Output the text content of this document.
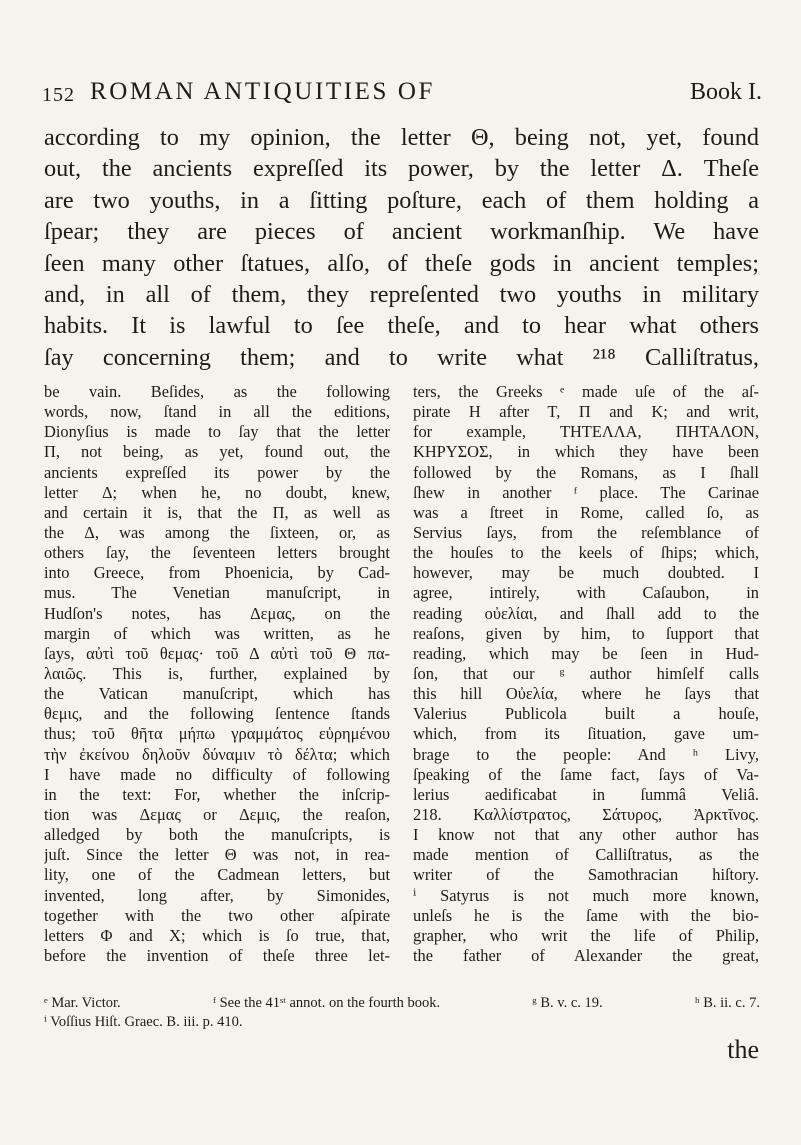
152 ROMAN ANTIQUITIES OF	Book I.
according to my opinion, the letter Θ, being not, yet, found
out, the ancients expreſſed its power, by the letter Δ. Theſe
are two youths, in a ſitting poſture, each of them holding a
ſpear; they are pieces of ancient workmanſhip. We have
ſeen many other ſtatues, alſo, of theſe gods in ancient temples;
and, in all of them, they repreſented two youths in military
habits. It is lawful to ſee theſe, and to hear what others
ſay concerning them; and to write what ²¹⁸ Calliſtratus,
be vain. Beſides, as the following
words, now, ſtand in all the editions,
Dionyſius is made to ſay that the letter
Π, not being, as yet, found out, the
ancients expreſſed its power by the
letter Δ; when he, no doubt, knew,
and certain it is, that the Π, as well as
the Δ, was among the ſixteen, or, as
others ſay, the ſeventeen letters brought
into Greece, from Phoenicia, by Cad-
mus. The Venetian manuſcript, in
Hudſon's notes, has Δεμας, on the
margin of which was written, as he
ſays, αὐτὶ τοῦ θεμας· τοῦ Δ αὐτὶ τοῦ Θ πα-
λαιῶς. This is, further, explained by
the Vatican manuſcript, which has
θεμις, and the following ſentence ſtands
thus; τοῦ θῆτα μήπω γραμμάτος εὑρημένου
τὴν ἐκείνου δηλοῦν δύναμιν τὸ δέλτα; which
I have made no difficulty of following
in the text: For, whether the inſcrip-
tion was Δεμας or Δεμις, the reaſon,
alledged by both the manuſcripts, is
juſt. Since the letter Θ was not, in rea-
lity, one of the Cadmean letters, but
invented, long after, by Simonides,
together with the two other aſpirate
letters Φ and Χ; which is ſo true, that,
before the invention of theſe three let-
ters, the Greeks ᵉ made uſe of the aſ-
pirate H after T, Π and K; and writ,
for example, THTEΛΛΑ, ΠΗΤΑΛΟΝ,
KHPΥΣΟΣ, in which they have been
followed by the Romans, as I ſhall
ſhew in another ᶠ place. The Carinae
was a ſtreet in Rome, called ſo, as
Servius ſays, from the reſemblance of
the houſes to the keels of ſhips; which,
however, may be much doubted. I
agree, intirely, with Caſaubon, in
reading οὐελίαι, and ſhall add to the
reaſons, given by him, to ſupport that
reading, which may be ſeen in Hud-
ſon, that our ᵍ author himſelf calls
this hill Οὐελία, where he ſays that
Valerius Publicola built a houſe,
which, from its ſituation, gave um-
brage to the people: And ʰ Livy,
ſpeaking of the ſame fact, ſays of Va-
lerius aedificabat in ſummâ Veliâ.
218. Καλλίστρατος, Σάτυρος, Ἀρκτῖνος.
I know not that any other author has
made mention of Calliſtratus, as the
writer of the Samothracian hiſtory.
ⁱ Satyrus is not much more known,
unleſs he is the ſame with the bio-
grapher, who writ the life of Philip,
the father of Alexander the great,
ᵉ Mar. Victor.	ᶠ See the 41ˢᵗ annot. on the fourth book.	ᵍ B. v. c. 19.	ʰ B. ii. c. 7.
ⁱ Voſſius Hiſt. Graec. B. iii. p. 410.
the
